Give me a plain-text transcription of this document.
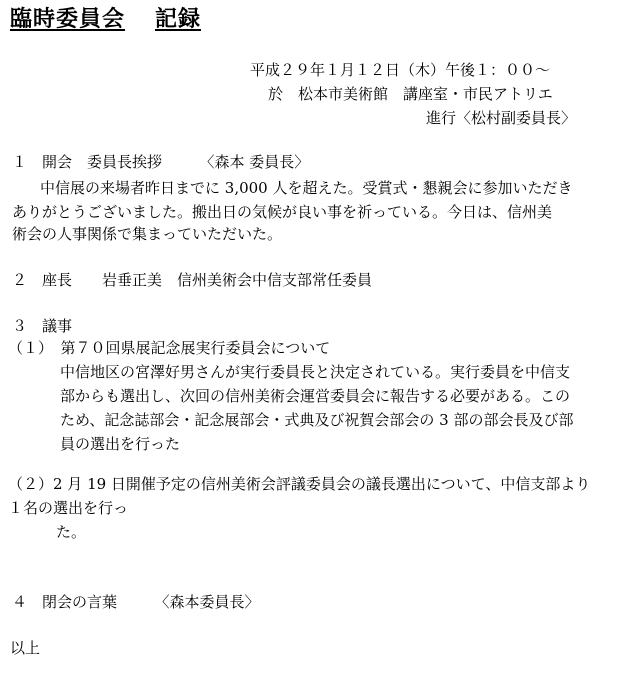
臨時委員会 記録
平成２９年１月１２日（木）午後１：００～
於　松本市美術館　講座室・市民アトリエ
進行〈松村副委員長〉
１　開会　委員長挨拶　　　〈森本 委員長〉
中信展の来場者昨日までに 3,000 人を超えた。受賞式・懇親会に参加いただき
ありがとうございました。搬出日の気候が良い事を祈っている。今日は、信州美
術会の人事関係で集まっていただいた。
２　座長　　岩垂正美　信州美術会中信支部常任委員
３　議事
（１）　第７０回県展記念展実行委員会について
中信地区の宮澤好男さんが実行委員長と決定されている。実行委員を中信支
部からも選出し、次回の信州美術会運営委員会に報告する必要がある。この
ため、記念誌部会・記念展部会・式典及び祝賀会部会の 3 部の部会長及び部
員の選出を行った
（２）2 月 19 日開催予定の信州美術会評議委員会の議長選出について、中信支部より
１名の選出を行っ
た。
４　閉会の言葉　　　〈森本委員長〉
以上
